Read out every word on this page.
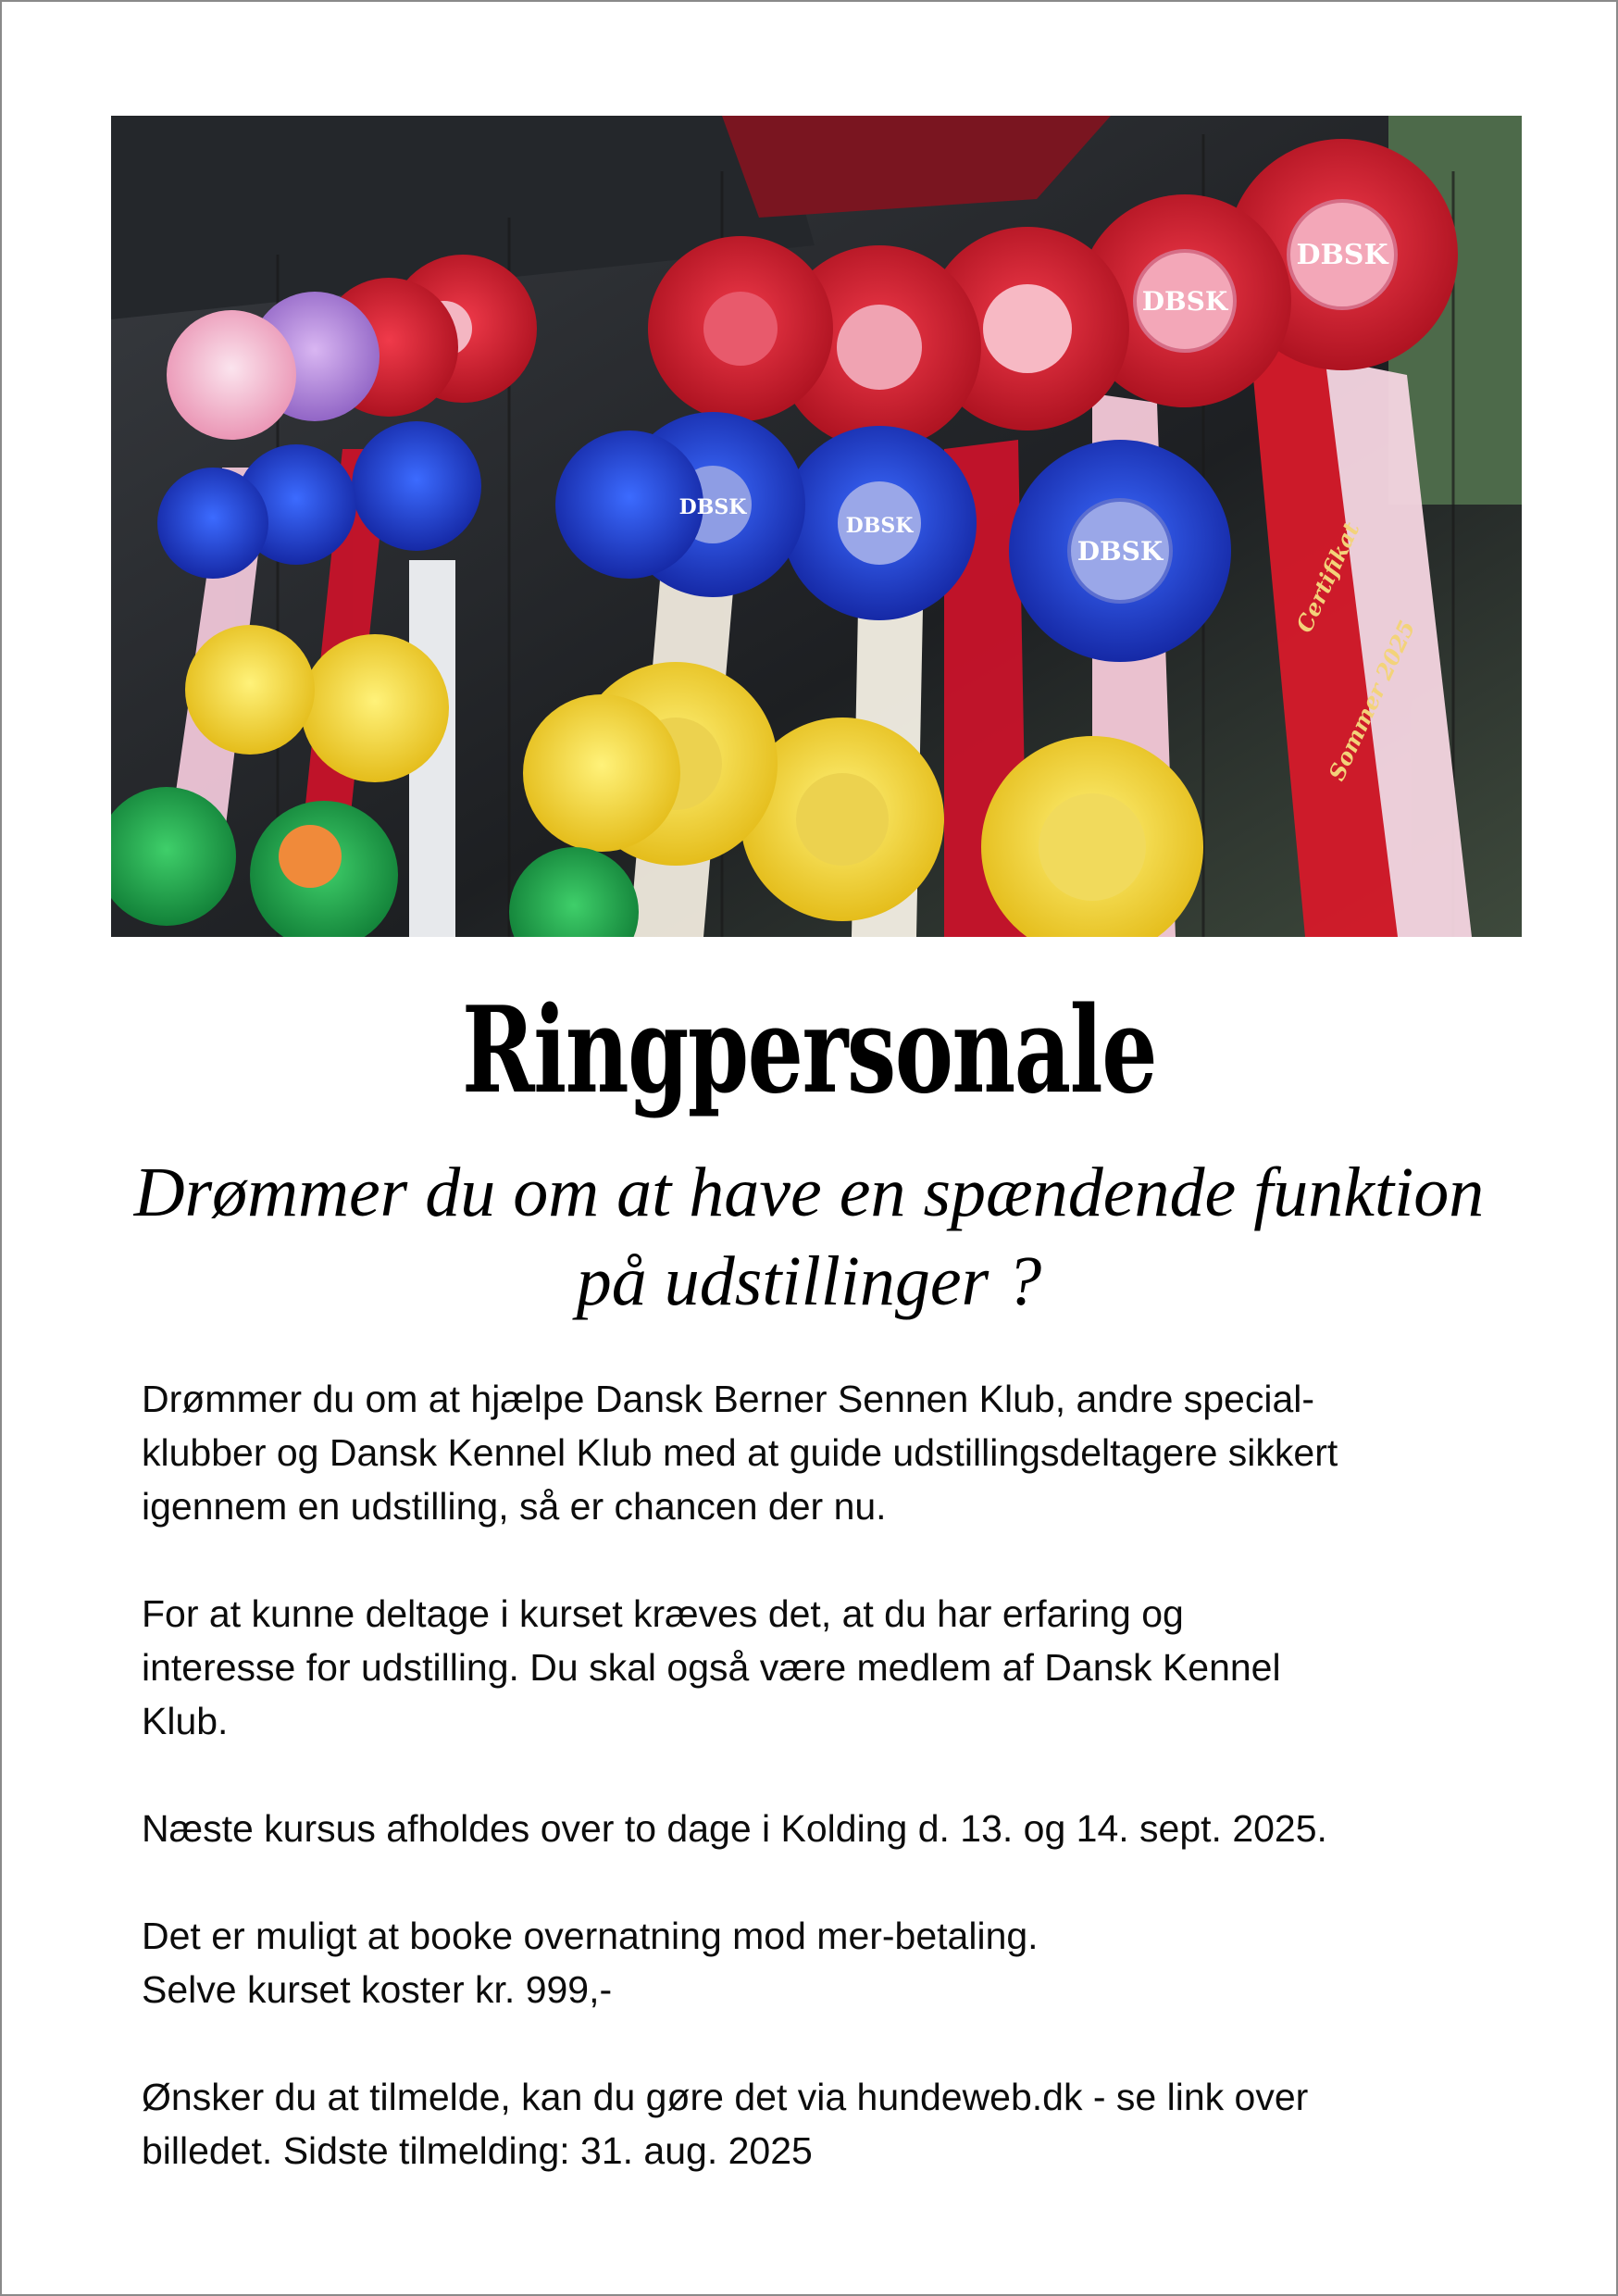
DBSK
DBSK
DBSK
DBSK
DBSK
Certifikat
Sommer 2025
Ringpersonale
Drømmer du om at have en spændende funktion
på udstillinger ?

Drømmer du om at hjælpe Dansk Berner Sennen Klub, andre special-
klubber og Dansk Kennel Klub med at guide udstillingsdeltagere sikkert
igennem en udstilling, så er chancen der nu.

For at kunne deltage i kurset kræves det, at du har erfaring og
interesse for udstilling. Du skal også være medlem af Dansk Kennel
Klub.

Næste kursus afholdes over to dage i Kolding d. 13. og 14. sept. 2025.

Det er muligt at booke overnatning mod mer-betaling.
Selve kurset koster kr. 999,-

Ønsker du at tilmelde, kan du gøre det via hundeweb.dk - se link over
billedet. Sidste tilmelding: 31. aug. 2025
